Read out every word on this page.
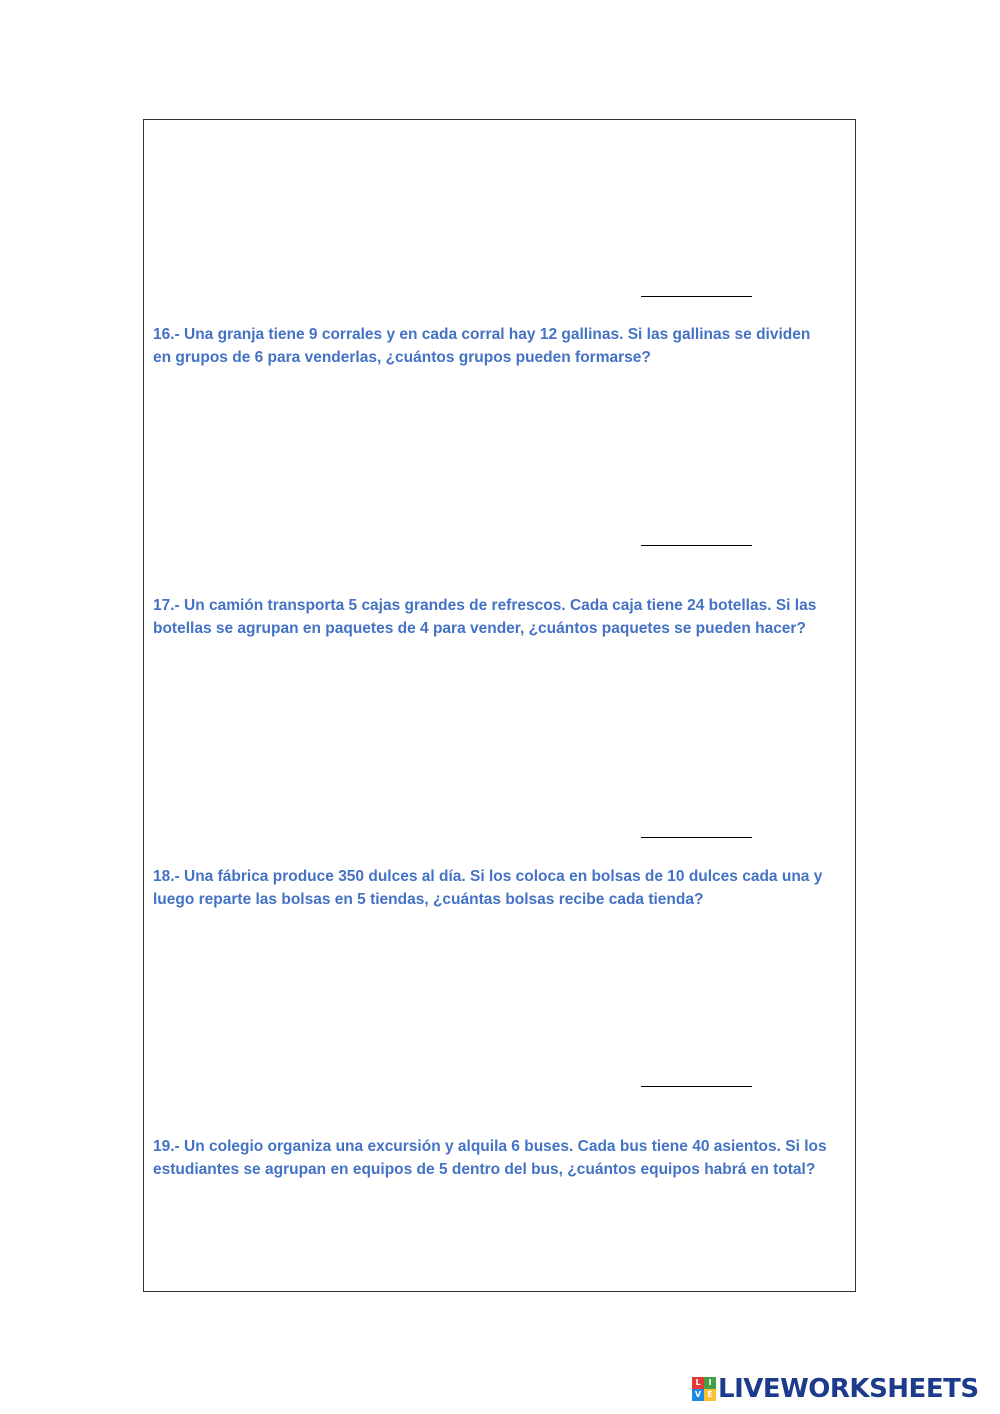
16.- Una granja tiene 9 corrales y en cada corral hay 12 gallinas. Si las gallinas se dividen
en grupos de 6 para venderlas, ¿cuántos grupos pueden formarse?

17.- Un camión transporta 5 cajas grandes de refrescos. Cada caja tiene 24 botellas. Si las
botellas se agrupan en paquetes de 4 para vender, ¿cuántos paquetes se pueden hacer?

18.- Una fábrica produce 350 dulces al día. Si los coloca en bolsas de 10 dulces cada una y
luego reparte las bolsas en 5 tiendas, ¿cuántas bolsas recibe cada tienda?

19.- Un colegio organiza una excursión y alquila 6 buses. Cada bus tiene 40 asientos. Si los
estudiantes se agrupan en equipos de 5 dentro del bus, ¿cuántos equipos habrá en total?

L I
V E LIVEWORKSHEETS
